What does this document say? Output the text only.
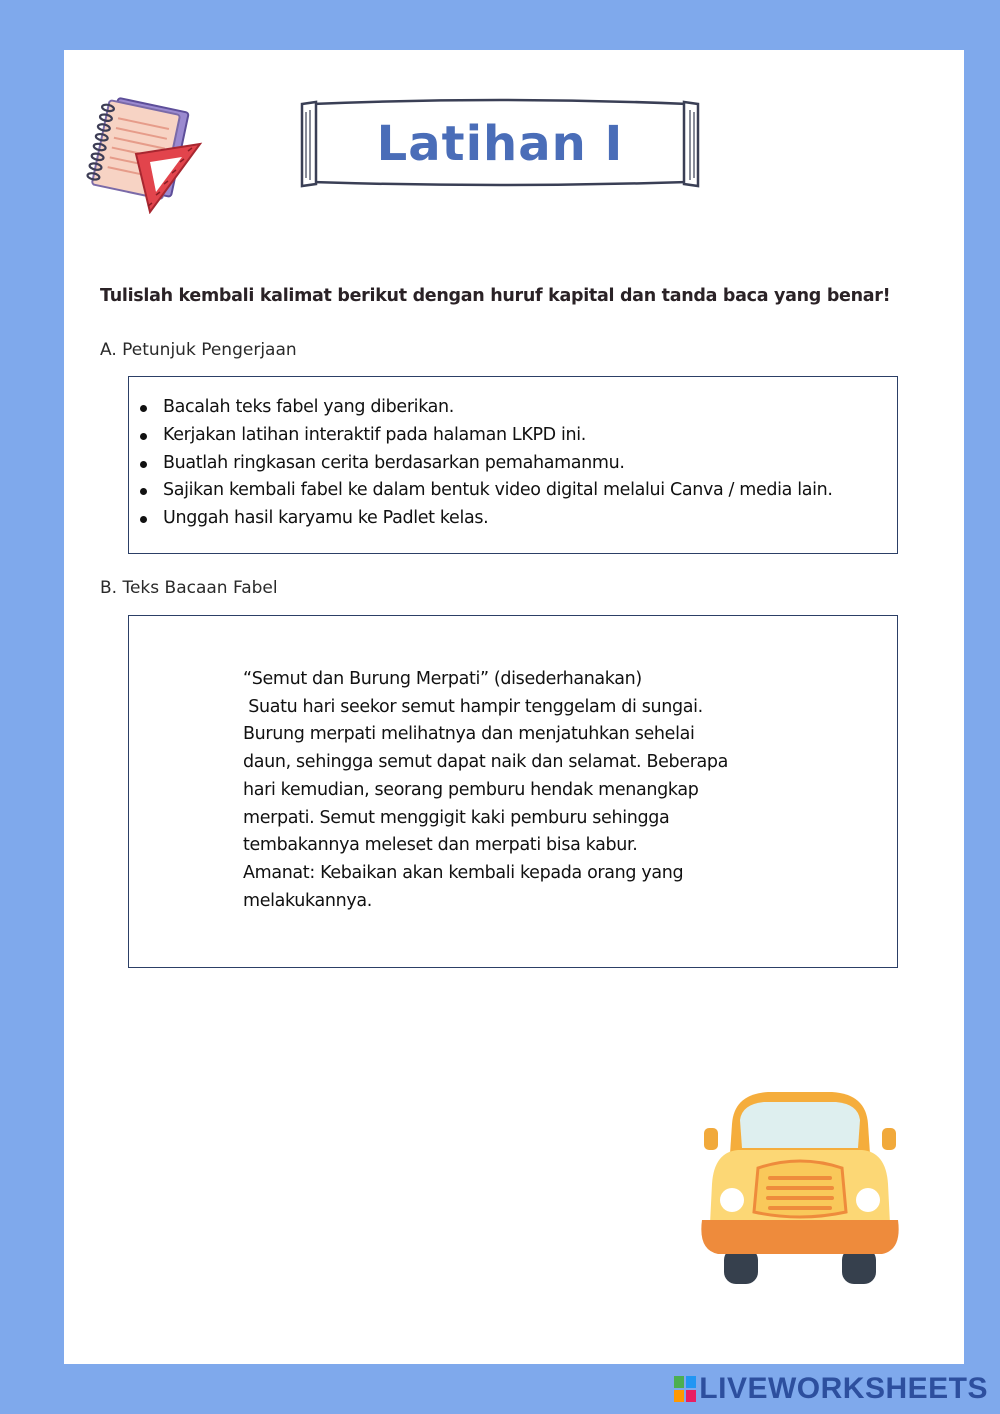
Latihan I
Tulislah kembali kalimat berikut dengan huruf kapital dan tanda baca yang benar!
A. Petunjuk Pengerjaan
Bacalah teks fabel yang diberikan.
Kerjakan latihan interaktif pada halaman LKPD ini.
Buatlah ringkasan cerita berdasarkan pemahamanmu.
Sajikan kembali fabel ke dalam bentuk video digital melalui Canva / media lain.
Unggah hasil karyamu ke Padlet kelas.
B. Teks Bacaan Fabel
“Semut dan Burung Merpati” (disederhanakan)
Suatu hari seekor semut hampir tenggelam di sungai.
Burung merpati melihatnya dan menjatuhkan sehelai
daun, sehingga semut dapat naik dan selamat. Beberapa
hari kemudian, seorang pemburu hendak menangkap
merpati. Semut menggigit kaki pemburu sehingga
tembakannya meleset dan merpati bisa kabur.
Amanat: Kebaikan akan kembali kepada orang yang
melakukannya.
LIVEWORKSHEETS
